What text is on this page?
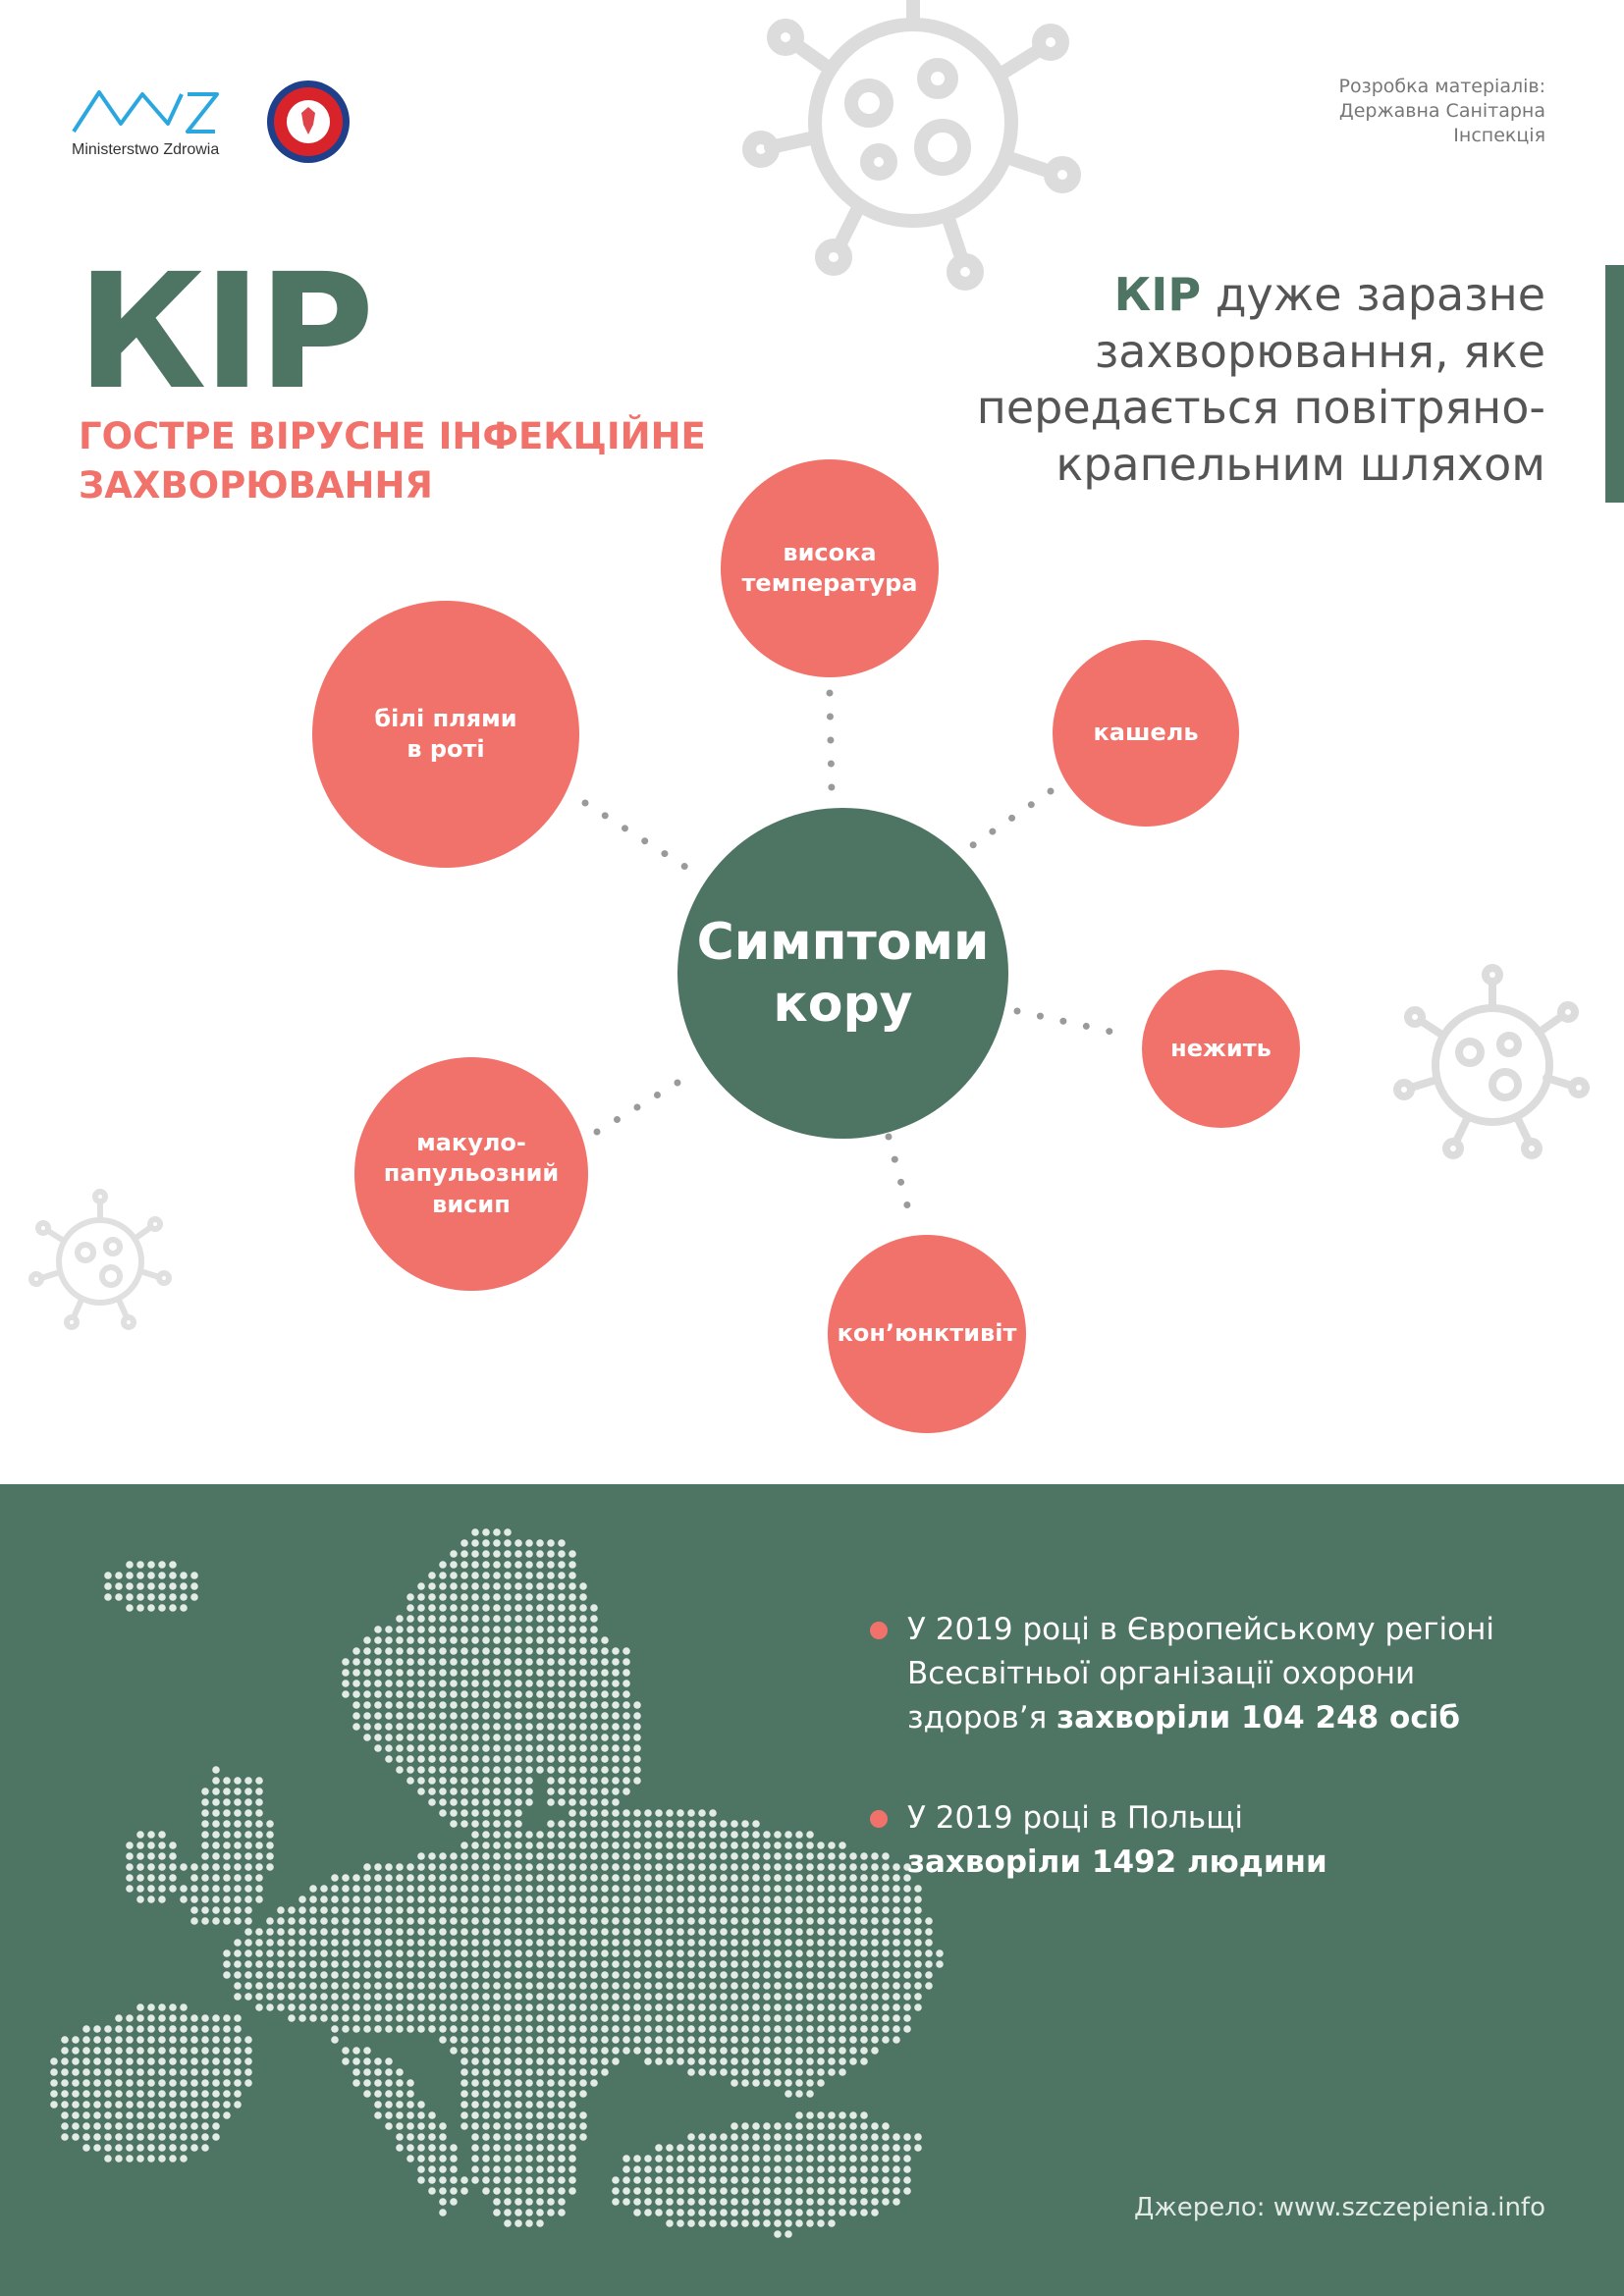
Ministerstwo Zdrowia
Розробка матеріалів:
Державна Санітарна
Інспекція
КІР
ГОСТРЕ ВІРУСНЕ ІНФЕКЦІЙНЕ
ЗАХВОРЮВАННЯ
КІР дуже заразне
захворювання, яке
передається повітряно-
крапельним шляхом
Симптоми
кору
висока
температура
білі плями
в роті
кашель
нежить
макуло-
папульозний
висип
кон’юнктивіт
У 2019 році в Європейському регіоні
Всесвітньої організації охорони
здоров’я захворіли 104 248 осіб
У 2019 році в Польщі
захворіли 1492 людини
Джерело: www.szczepienia.info
